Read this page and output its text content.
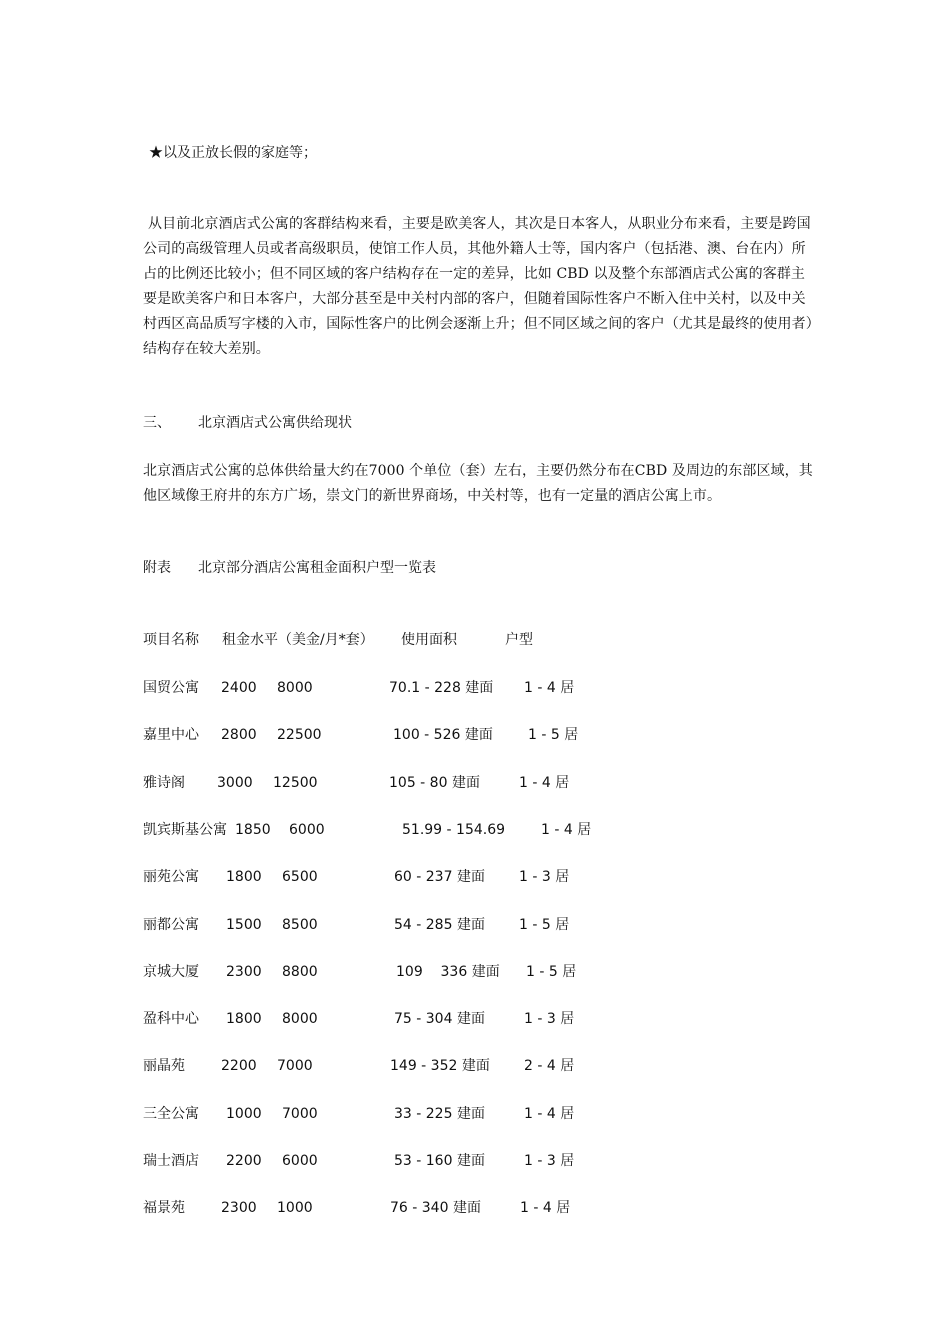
★以及正放长假的家庭等；
从目前北京酒店式公寓的客群结构来看，主要是欧美客人，其次是日本客人，从职业分布来看，主要是跨国公司的高级管理人员或者高级职员，使馆工作人员，其他外籍人士等，国内客户（包括港、澳、台在内）所占的比例还比较小；但不同区域的客户结构存在一定的差异，比如 CBD 以及整个东部酒店式公寓的客群主要是欧美客户和日本客户，大部分甚至是中关村内部的客户，但随着国际性客户不断入住中关村，以及中关村西区高品质写字楼的入市，国际性客户的比例会逐渐上升；但不同区域之间的客户（尤其是最终的使用者）结构存在较大差别。
三、 北京酒店式公寓供给现状
北京酒店式公寓的总体供给量大约在7000 个单位（套）左右，主要仍然分布在CBD 及周边的东部区域，其他区域像王府井的东方广场，崇文门的新世界商场，中关村等，也有一定量的酒店公寓上市。
附表 北京部分酒店公寓租金面积户型一览表
项目名称 租金水平（美金/月*套） 使用面积	户型
国贸公寓 2400 8000	70.1 - 228 建面 1 - 4 居
嘉里中心 2800 22500	100 - 526 建面	1 - 5 居
雅诗阁 3000 12500	105 - 80 建面	1 - 4 居
凯宾斯基公寓 1850 6000	51.99 - 154.69	1 - 4 居
丽苑公寓 1800 6500	60 - 237 建面 1 - 3 居
丽都公寓 1500 8500	54 - 285 建面 1 - 5 居
京城大厦 2300 8800	109    336 建面 1 - 5 居
盈科中心 1800 8000	75 - 304 建面	1 - 3 居
丽晶苑	2200 7000	149 - 352 建面 2 - 4 居
三全公寓 1000 7000	33 - 225 建面	1 - 4 居
瑞士酒店 2200 6000	53 - 160 建面	1 - 3 居
福景苑	2300 1000	76 - 340 建面	1 - 4 居
